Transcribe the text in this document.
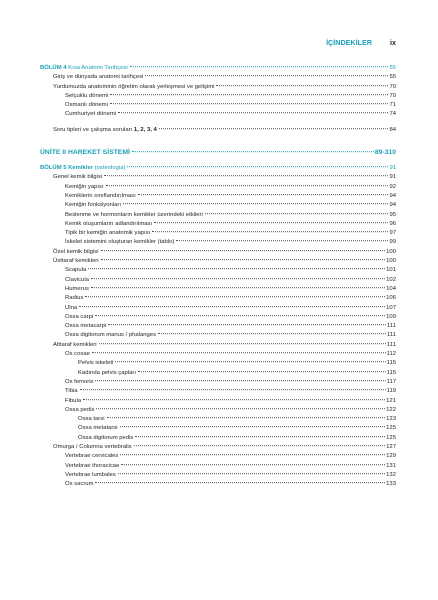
İÇİNDEKİLER	ix
BÖLÜM 4 Kısa Anatomi Tarihçesi	55
Giriş ve dünyada anatomi tarihçesi	55
Yurdumuzda anatominin öğretim olarak yerleşmesi ve gelişimi	70
Selçuklu dönemi	70
Osmanlı dönemi	71
Cumhuriyet dönemi	74
Soru tipleri ve çalışma soruları 1, 2, 3, 4	84
ÜNİTE II HAREKET SİSTEMİ	89-310
BÖLÜM 5 Kemikler (osteologia)	91
Genel kemik bilgisi	91
Kemiğin yapısı	92
Kemiklerin sınıflandırılması	94
Kemiğin fonksiyonları	94
Beslenme ve hormonların kemikler üzerindeki etkileri	95
Kemik oluşumların adlandırılması	96
Tipik bir kemiğin anatomik yapısı	97
İskelet sistemini oluşturan kemikler (tablo)	99
Özel kemik bilgisi	100
Üsttaraf kemikleri	100
Scapula	101
Clavicula	102
Humerus	104
Radius	106
Ulna	107
Ossa carpi	109
Ossa metacarpi	111
Ossa digitorum manus / phalanges	111
Alttaraf kemikleri	111
Os coxae	112
Pelvis iskeleti	115
Kadında pelvis çapları	115
Os femoris	117
Tibia	119
Fibula	121
Ossa pedis	122
Ossa tarsi	123
Ossa metatarsi	125
Ossa digitorum pedis	125
Omurga / Columna vertebralis	127
Vertebrae cervicales	129
Vertebrae thoracicae	131
Vertebrae lumbales	132
Os sacrum	133
